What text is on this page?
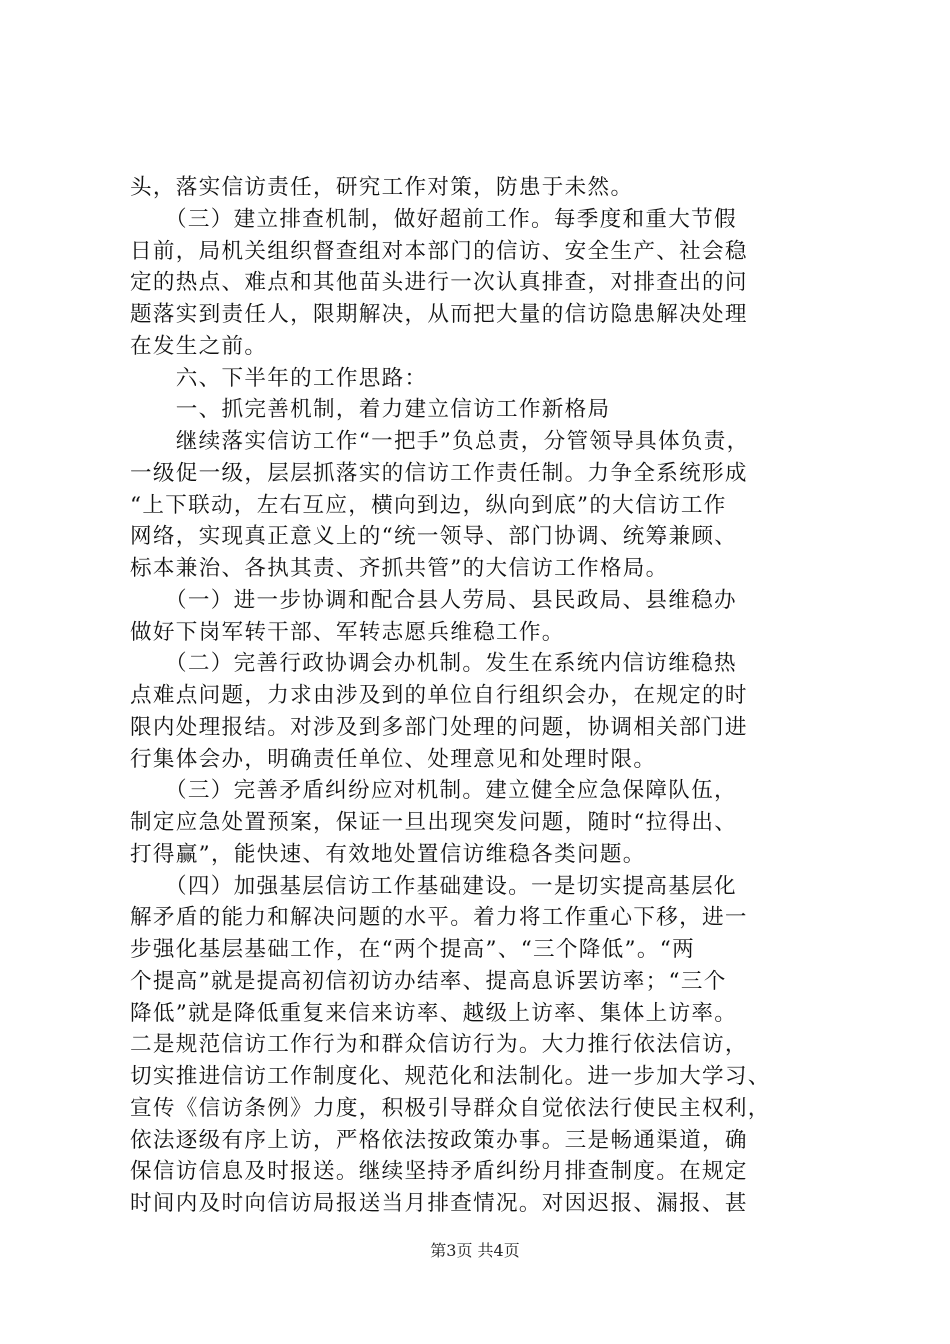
头，落实信访责任，研究工作对策，防患于未然。
　　（三）建立排查机制，做好超前工作。每季度和重大节假
日前，局机关组织督查组对本部门的信访、安全生产、社会稳
定的热点、难点和其他苗头进行一次认真排查，对排查出的问
题落实到责任人，限期解决，从而把大量的信访隐患解决处理
在发生之前。
　　六、下半年的工作思路：
　　一、抓完善机制，着力建立信访工作新格局
　　继续落实信访工作“一把手”负总责，分管领导具体负责，
一级促一级，层层抓落实的信访工作责任制。力争全系统形成
“上下联动，左右互应，横向到边，纵向到底”的大信访工作
网络，实现真正意义上的“统一领导、部门协调、统筹兼顾、
标本兼治、各执其责、齐抓共管”的大信访工作格局。
　　（一）进一步协调和配合县人劳局、县民政局、县维稳办
做好下岗军转干部、军转志愿兵维稳工作。
　　（二）完善行政协调会办机制。发生在系统内信访维稳热
点难点问题，力求由涉及到的单位自行组织会办，在规定的时
限内处理报结。对涉及到多部门处理的问题，协调相关部门进
行集体会办，明确责任单位、处理意见和处理时限。
　　（三）完善矛盾纠纷应对机制。建立健全应急保障队伍，
制定应急处置预案，保证一旦出现突发问题，随时“拉得出、
打得赢”，能快速、有效地处置信访维稳各类问题。
　　（四）加强基层信访工作基础建设。一是切实提高基层化
解矛盾的能力和解决问题的水平。着力将工作重心下移，进一
步强化基层基础工作，在“两个提高”、“三个降低”。“两
个提高”就是提高初信初访办结率、提高息诉罢访率；“三个
降低”就是降低重复来信来访率、越级上访率、集体上访率。
二是规范信访工作行为和群众信访行为。大力推行依法信访，
切实推进信访工作制度化、规范化和法制化。进一步加大学习、
宣传《信访条例》力度，积极引导群众自觉依法行使民主权利，
依法逐级有序上访，严格依法按政策办事。三是畅通渠道，确
保信访信息及时报送。继续坚持矛盾纠纷月排查制度。在规定
时间内及时向信访局报送当月排查情况。对因迟报、漏报、甚
第3页 共4页
